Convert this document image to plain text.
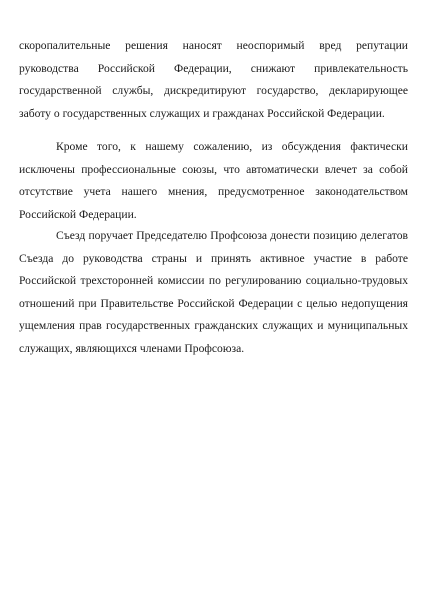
скоропалительные решения наносят неоспоримый вред репутации руководства Российской Федерации, снижают привлекательность государственной службы, дискредитируют государство, декларирующее заботу о государственных служащих и гражданах Российской Федерации.

Кроме того, к нашему сожалению, из обсуждения фактически исключены профессиональные союзы, что автоматически влечет за собой отсутствие учета нашего мнения, предусмотренное законодательством Российской Федерации.

Съезд поручает Председателю Профсоюза донести позицию делегатов Съезда до руководства страны и принять активное участие в работе Российской трехсторонней комиссии по регулированию социально-трудовых отношений при Правительстве Российской Федерации с целью недопущения ущемления прав государственных гражданских служащих и муниципальных служащих, являющихся членами Профсоюза.
